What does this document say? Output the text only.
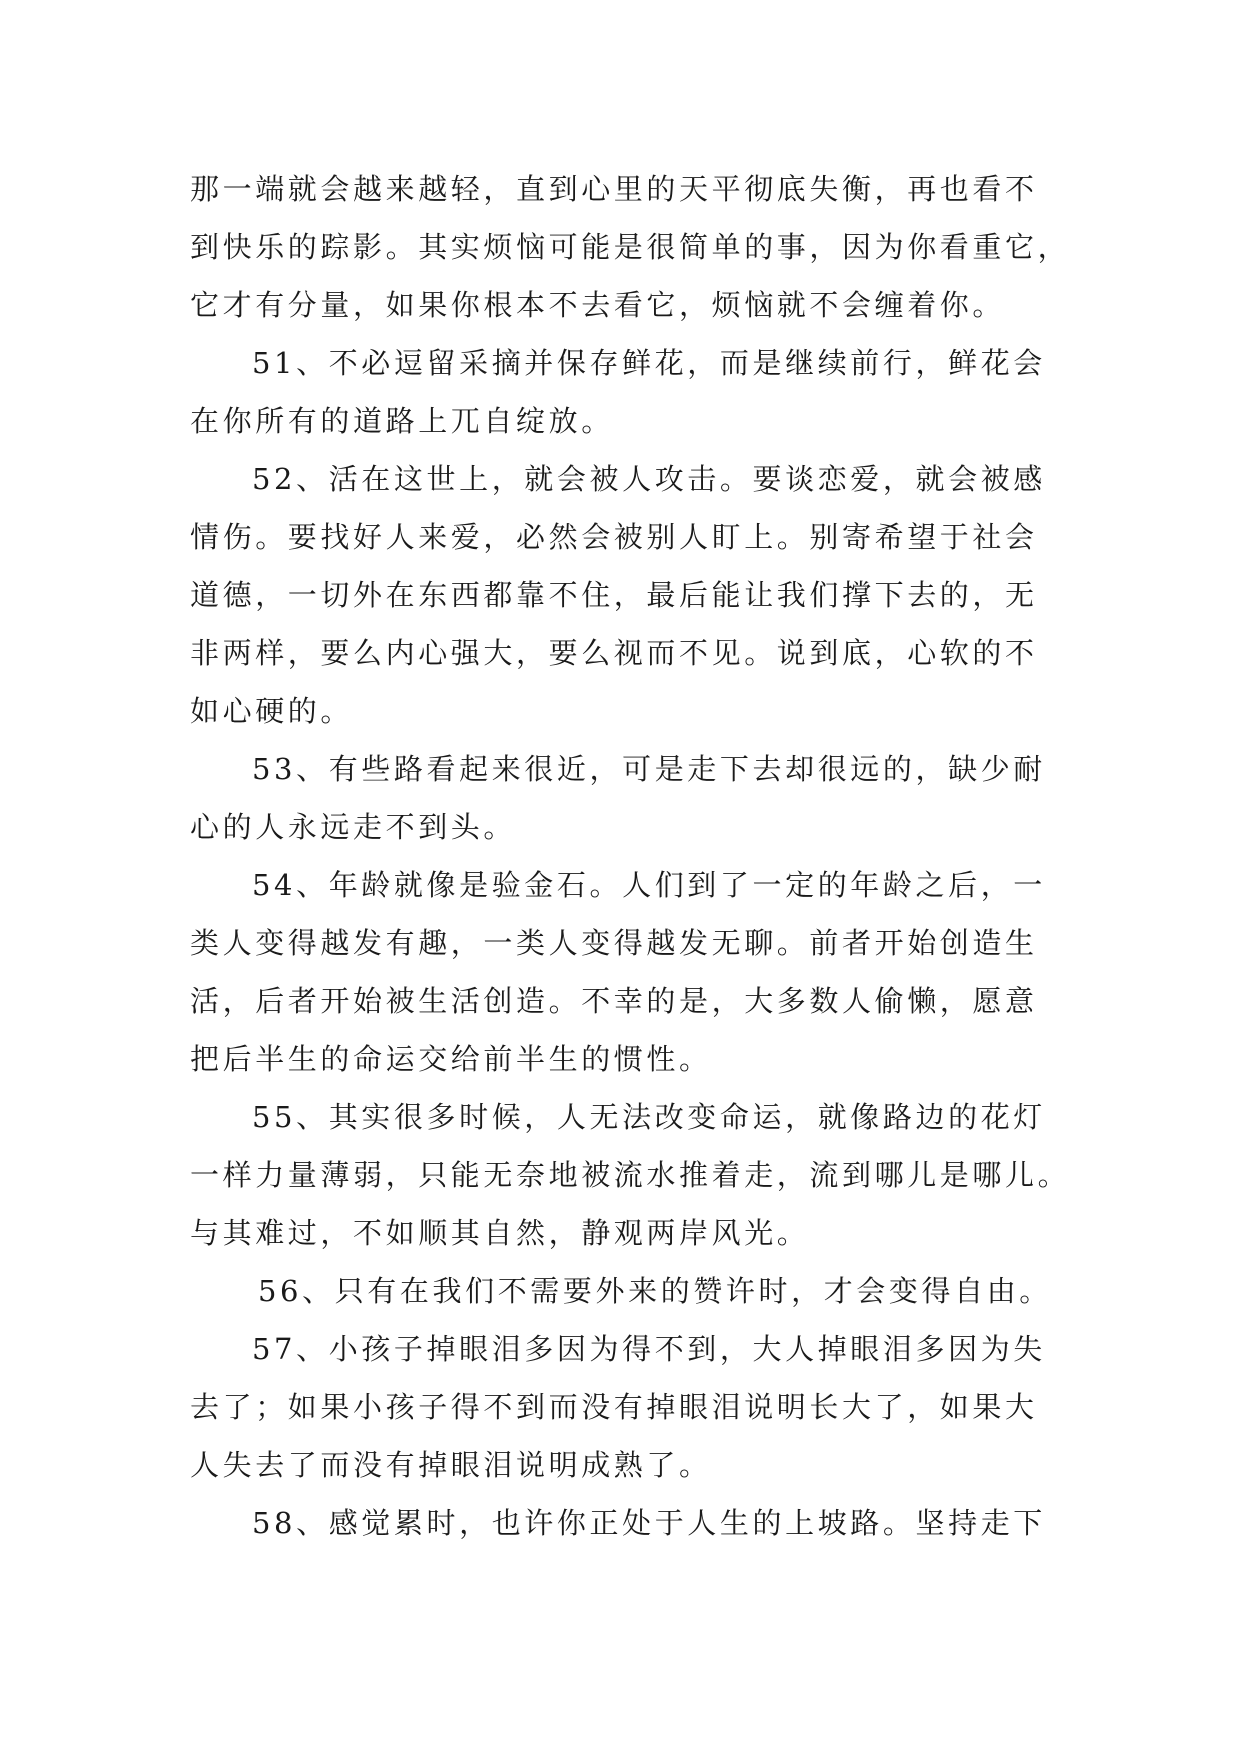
那一端就会越来越轻，直到心里的天平彻底失衡，再也看不
到快乐的踪影。其实烦恼可能是很简单的事，因为你看重它，
它才有分量，如果你根本不去看它，烦恼就不会缠着你。
51、不必逗留采摘并保存鲜花，而是继续前行，鲜花会
在你所有的道路上兀自绽放。
52、活在这世上，就会被人攻击。要谈恋爱，就会被感
情伤。要找好人来爱，必然会被别人盯上。别寄希望于社会
道德，一切外在东西都靠不住，最后能让我们撑下去的，无
非两样，要么内心强大，要么视而不见。说到底，心软的不
如心硬的。
53、有些路看起来很近，可是走下去却很远的，缺少耐
心的人永远走不到头。
54、年龄就像是验金石。人们到了一定的年龄之后，一
类人变得越发有趣，一类人变得越发无聊。前者开始创造生
活，后者开始被生活创造。不幸的是，大多数人偷懒，愿意
把后半生的命运交给前半生的惯性。
55、其实很多时候，人无法改变命运，就像路边的花灯
一样力量薄弱，只能无奈地被流水推着走，流到哪儿是哪儿。
与其难过，不如顺其自然，静观两岸风光。
56、只有在我们不需要外来的赞许时，才会变得自由。
57、小孩子掉眼泪多因为得不到，大人掉眼泪多因为失
去了；如果小孩子得不到而没有掉眼泪说明长大了，如果大
人失去了而没有掉眼泪说明成熟了。
58、感觉累时，也许你正处于人生的上坡路。坚持走下
